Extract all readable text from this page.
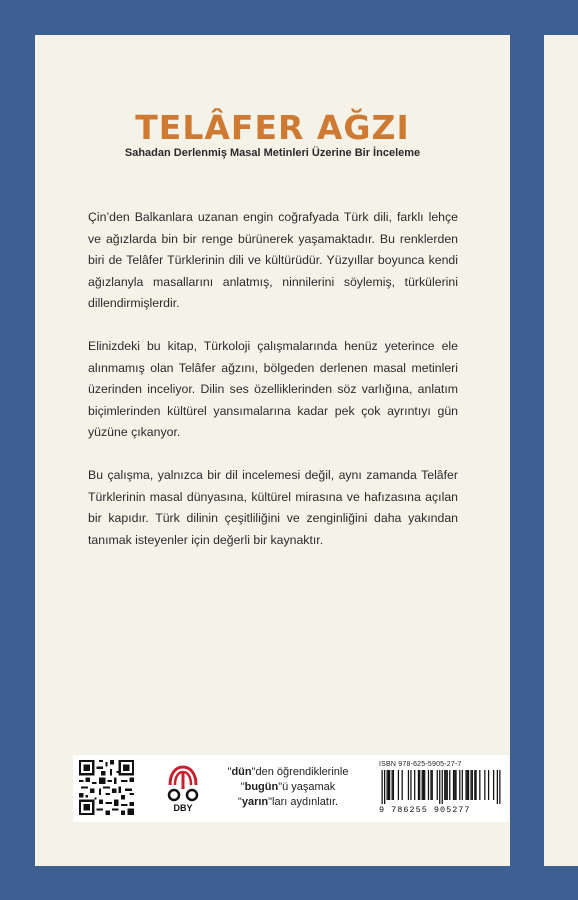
TELÂFER AĞZI

Sahadan Derlenmiş Masal Metinleri Üzerine Bir İnceleme

Çin’den Balkanlara uzanan engin coğrafyada Türk dili, farklı lehçe ve ağızlarda bin bir renge bürünerek yaşamaktadır. Bu renklerden biri de Telâfer Türklerinin dili ve kültürüdür. Yüzyıllar boyunca kendi ağızlanyla masallarını anlatmış, ninnilerini söylemiş, türkülerini dillendirmişlerdir.

Elinizdeki bu kitap, Türkoloji çalışmalarında henüz yeterince ele alınmamış olan Telâfer ağzını, bölgeden derlenen masal metinleri üzerinden inceliyor. Dilin ses özelliklerinden söz varlığına, anlatım biçimlerinden kültürel yansımalarına kadar pek çok ayrıntıyı gün yüzüne çıkanyor.

Bu çalışma, yalnızca bir dil incelemesi değil, aynı zamanda Telâfer Türklerinin masal dünyasına, kültürel mirasına ve hafızasına açılan bir kapıdır. Türk dilinin çeşitliliğini ve zenginliğini daha yakından tanımak isteyenler için değerli bir kaynaktır.

DBY
"dün"den öğrendiklerinle
"bugün"ü yaşamak
"yarın"ları aydınlatır.
ISBN 978-625-5905-27-7
9 786255 905277
